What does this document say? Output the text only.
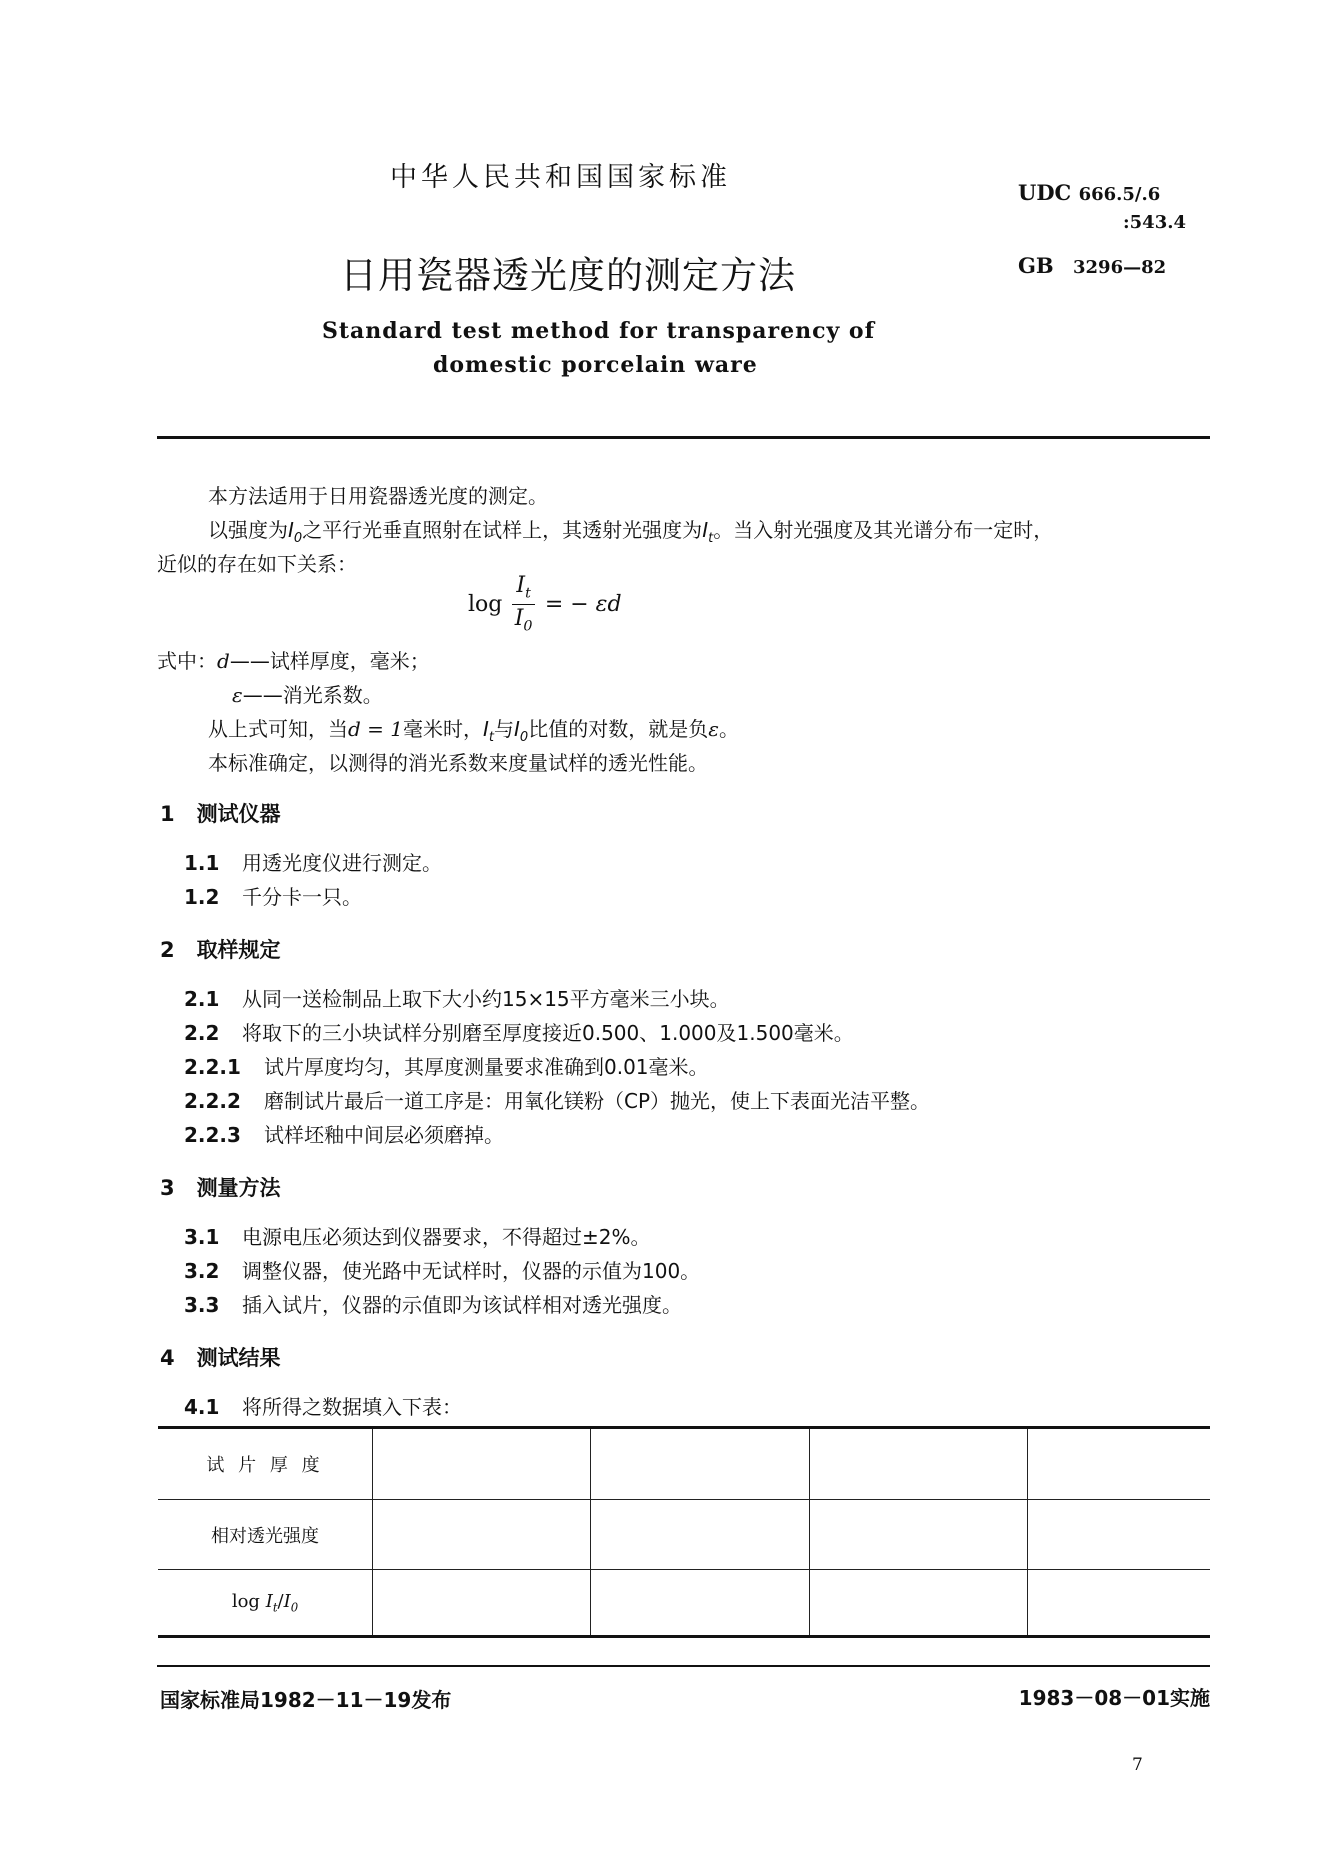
中华人民共和国国家标准	UDC 666.5/.6
:543.4
日用瓷器透光度的测定方法	GB 3296—82
Standard test method for transparency of
domestic porcelain ware
本方法适用于日用瓷器透光度的测定。
以强度为$I_0$之平行光垂直照射在试样上，其透射光强度为$I_t$。当入射光强度及其光谱分布一定时，
近似的存在如下关系：
$\log \frac{I_t}{I_0}$ = − εd
式中：d——试样厚度，毫米；
ε——消光系数。
从上式可知，当d = 1毫米时，$I_t$与$I_0$比值的对数，就是负ε。
本标准确定，以测得的消光系数来度量试样的透光性能。
1 测试仪器
1.1 用透光度仪进行测定。
1.2 千分卡一只。
2 取样规定
2.1 从同一送检制品上取下大小约15×15平方毫米三小块。
2.2 将取下的三小块试样分别磨至厚度接近0.500、1.000及1.500毫米。
2.2.1 试片厚度均匀，其厚度测量要求准确到0.01毫米。
2.2.2 磨制试片最后一道工序是：用氧化镁粉（CP）抛光，使上下表面光洁平整。
2.2.3 试样坯釉中间层必须磨掉。
3 测量方法
3.1 电源电压必须达到仪器要求，不得超过±2%。
3.2 调整仪器，使光路中无试样时，仪器的示值为100。
3.3 插入试片，仪器的示值即为该试样相对透光强度。
4 测试结果
4.1 将所得之数据填入下表：
试 片 厚 度				
相对透光强度				
$\log I_t/I_0$				
国家标准局1982－11－19发布	1983－08－01实施
7
